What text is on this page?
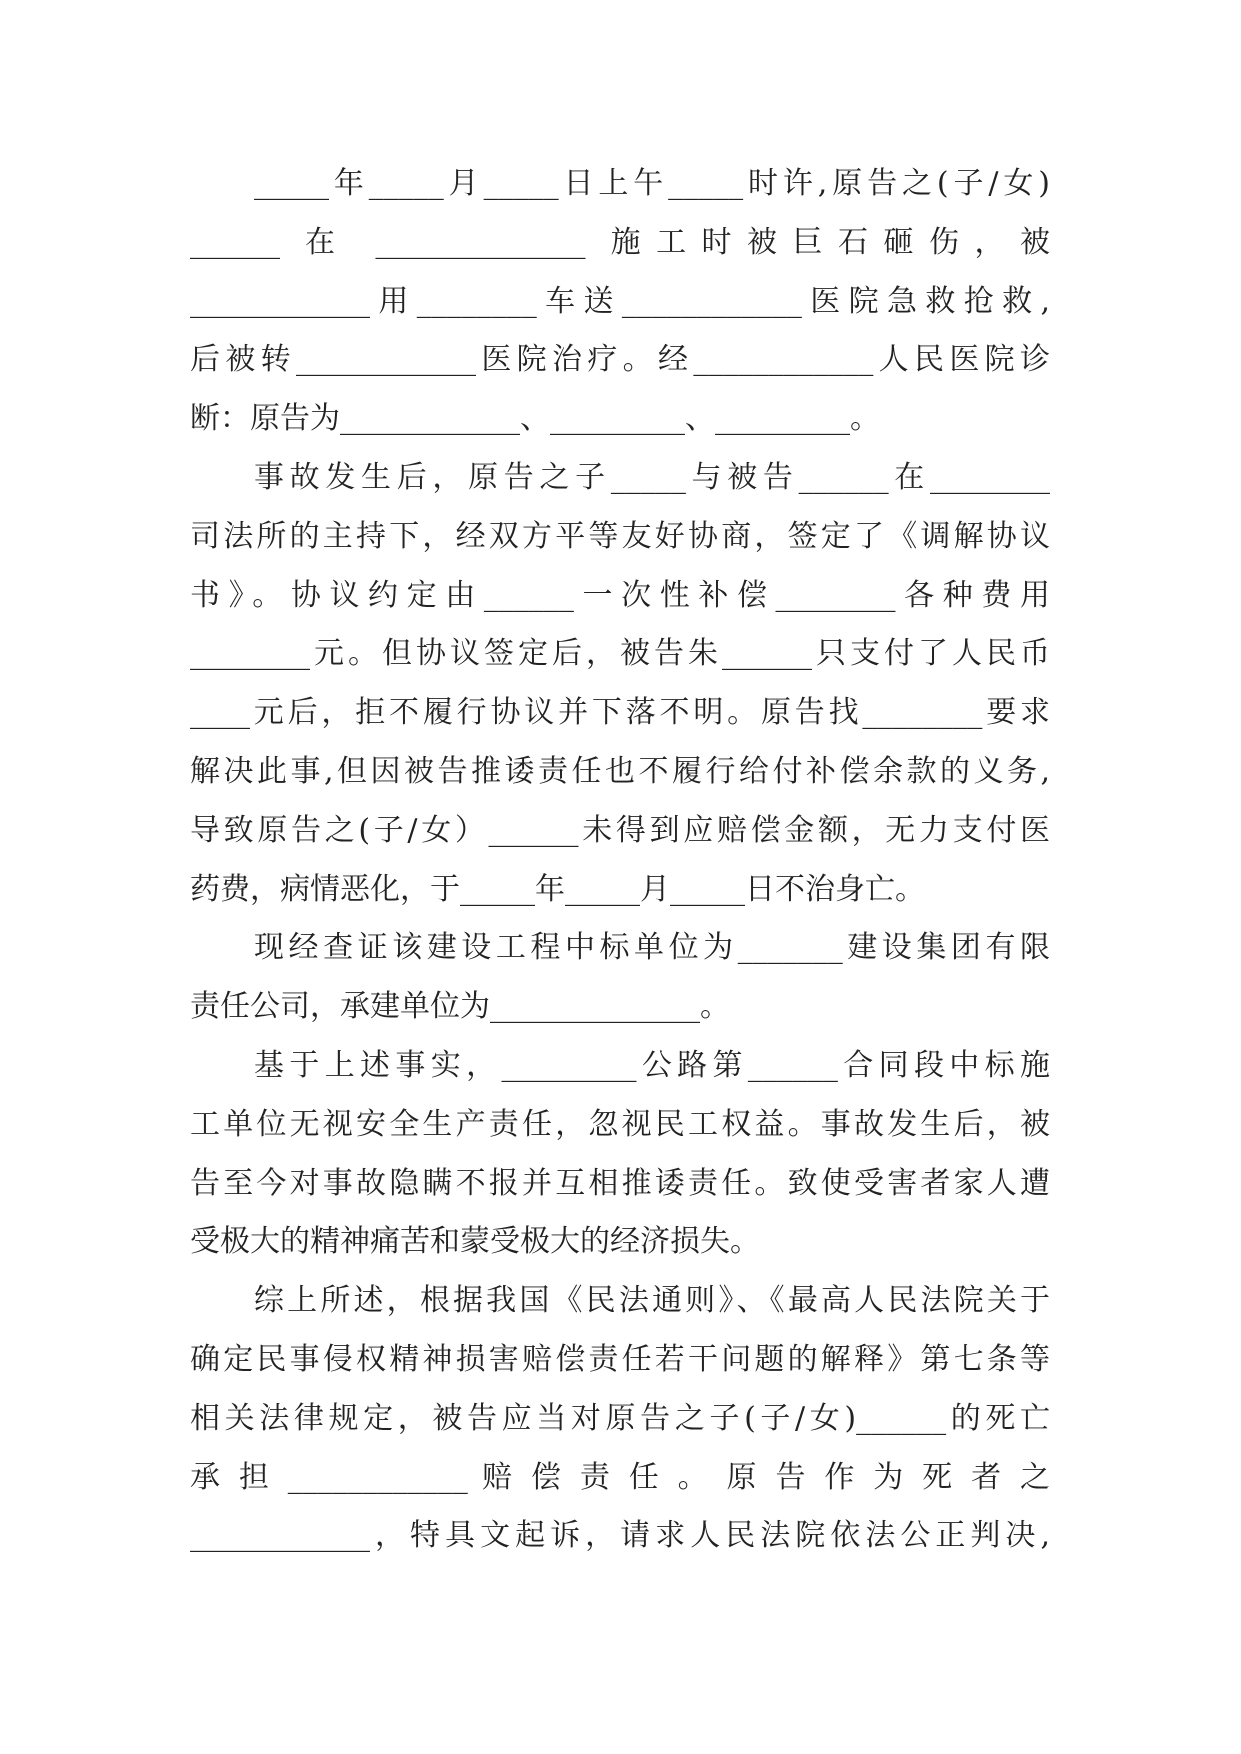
_____年_____月_____日上午_____时许,原告之(子/女)
______ 在 ______________ 施工时被巨石砸伤，被
____________用________车送____________医院急救抢救,
后被转____________医院治疗。经____________人民医院诊
断：原告为____________、_________、_________。
事故发生后，原告之子_____与被告______在________
司法所的主持下，经双方平等友好协商，签定了《调解协议
书》。协议约定由______一次性补偿________各种费用
________元。但协议签定后，被告朱______只支付了人民币
____元后，拒不履行协议并下落不明。原告找________要求
解决此事,但因被告推诿责任也不履行给付补偿余款的义务,
导致原告之(子/女）______未得到应赔偿金额，无力支付医
药费，病情恶化，于_____年_____月_____日不治身亡。
现经查证该建设工程中标单位为_______建设集团有限
责任公司，承建单位为______________。
基于上述事实，_________公路第______合同段中标施
工单位无视安全生产责任，忽视民工权益。事故发生后，被
告至今对事故隐瞒不报并互相推诿责任。致使受害者家人遭
受极大的精神痛苦和蒙受极大的经济损失。
综上所述，根据我国《民法通则》、《最高人民法院关于
确定民事侵权精神损害赔偿责任若干问题的解释》第七条等
相关法律规定，被告应当对原告之子(子/女)______的死亡
承 担 ____________ 赔 偿 责 任 。 原 告 作 为 死 者 之
____________，特具文起诉，请求人民法院依法公正判决,
